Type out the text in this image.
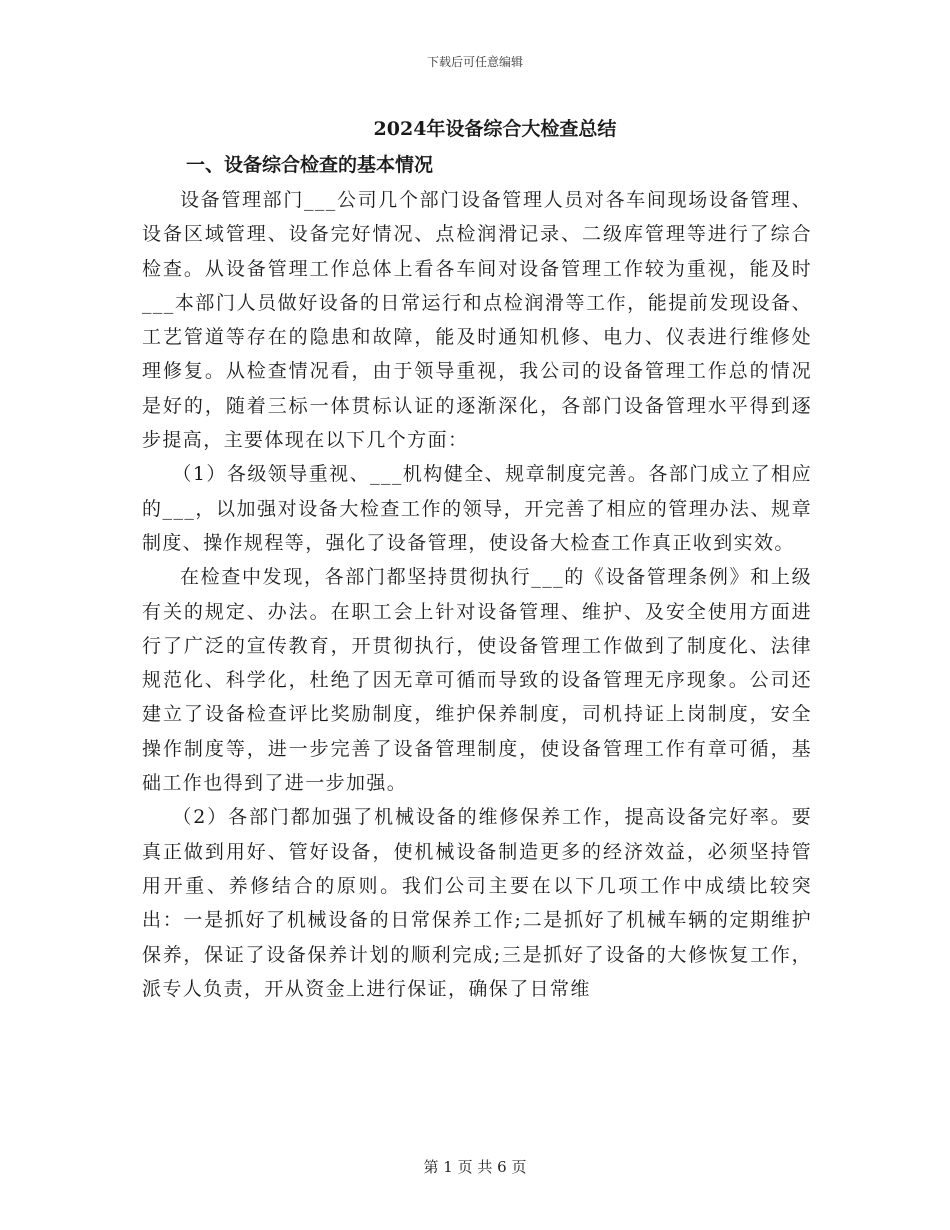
下载后可任意编辑
2024年设备综合大检查总结
一、设备综合检查的基本情况

设备管理部门___公司几个部门设备管理人员对各车间现场设备管理、设备区域管理、设备完好情况、点检润滑记录、二级库管理等进行了综合检查。从设备管理工作总体上看各车间对设备管理工作较为重视，能及时___本部门人员做好设备的日常运行和点检润滑等工作，能提前发现设备、工艺管道等存在的隐患和故障，能及时通知机修、电力、仪表进行维修处理修复。从检查情况看，由于领导重视，我公司的设备管理工作总的情况是好的，随着三标一体贯标认证的逐渐深化，各部门设备管理水平得到逐步提高，主要体现在以下几个方面：

（1）各级领导重视、___机构健全、规章制度完善。各部门成立了相应的___，以加强对设备大检查工作的领导，开完善了相应的管理办法、规章制度、操作规程等，强化了设备管理，使设备大检查工作真正收到实效。

在检查中发现，各部门都坚持贯彻执行___的《设备管理条例》和上级有关的规定、办法。在职工会上针对设备管理、维护、及安全使用方面进行了广泛的宣传教育，开贯彻执行，使设备管理工作做到了制度化、法律规范化、科学化，杜绝了因无章可循而导致的设备管理无序现象。公司还建立了设备检查评比奖励制度，维护保养制度，司机持证上岗制度，安全操作制度等，进一步完善了设备管理制度，使设备管理工作有章可循，基础工作也得到了进一步加强。

（2）各部门都加强了机械设备的维修保养工作，提高设备完好率。要真正做到用好、管好设备，使机械设备制造更多的经济效益，必须坚持管用开重、养修结合的原则。我们公司主要在以下几项工作中成绩比较突出：一是抓好了机械设备的日常保养工作;二是抓好了机械车辆的定期维护保养，保证了设备保养计划的顺利完成;三是抓好了设备的大修恢复工作，派专人负责，开从资金上进行保证，确保了日常维

第 1 页 共 6 页
